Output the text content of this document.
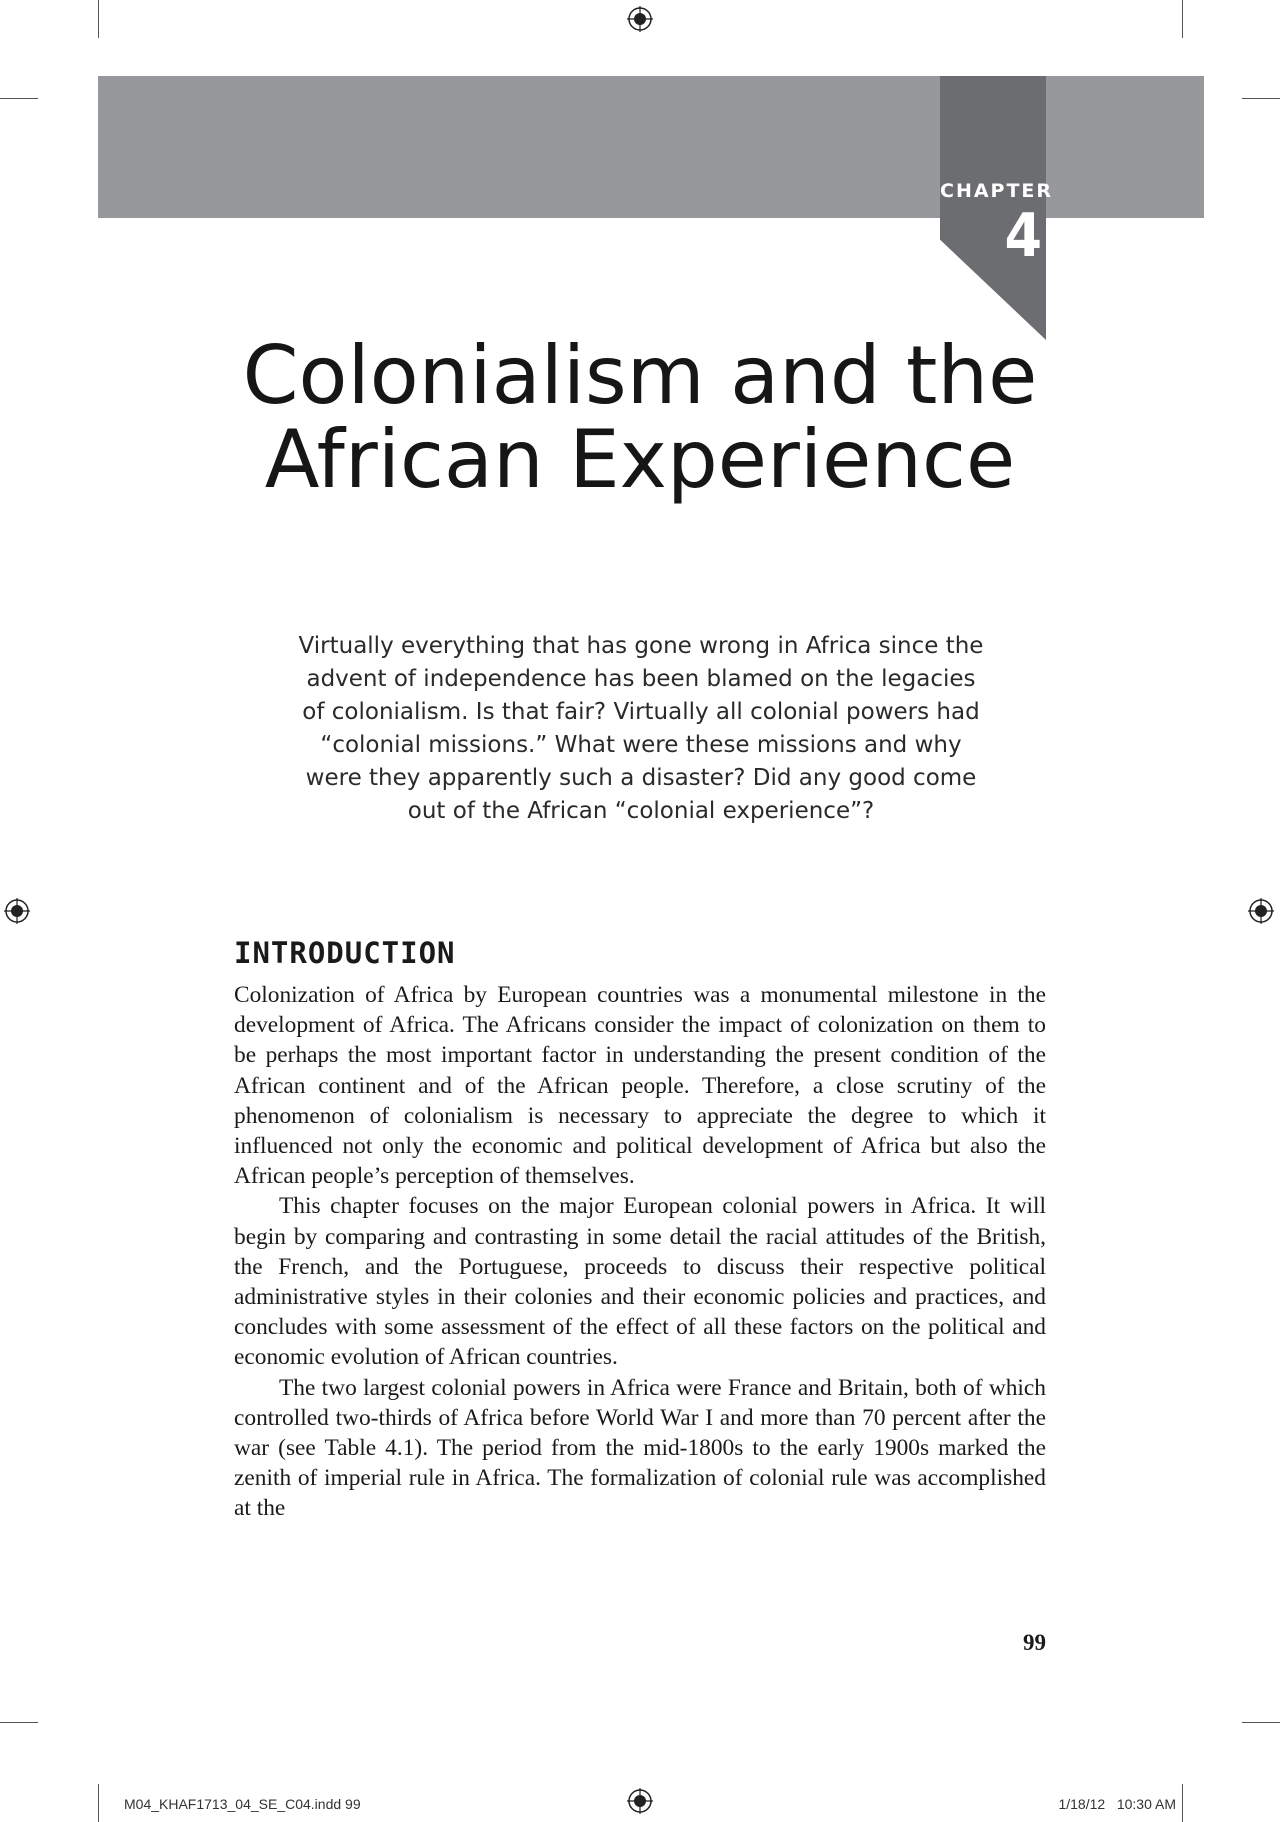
CHAPTER
4
Colonialism and the
African Experience
Virtually everything that has gone wrong in Africa since the advent of independence has been blamed on the legacies of colonialism. Is that fair? Virtually all colonial powers had “colonial missions.” What were these missions and why were they apparently such a disaster? Did any good come out of the African “colonial experience”?
INTRODUCTION

Colonization of Africa by European countries was a monumental milestone in the development of Africa. The Africans consider the impact of colonization on them to be perhaps the most important factor in understanding the present condition of the African continent and of the African people. Therefore, a close scrutiny of the phenomenon of colonialism is necessary to appreciate the degree to which it influenced not only the economic and political development of Africa but also the African people’s perception of themselves.

This chapter focuses on the major European colonial powers in Africa. It will begin by comparing and contrasting in some detail the racial attitudes of the British, the French, and the Portuguese, proceeds to discuss their respective political administrative styles in their colonies and their economic policies and practices, and concludes with some assessment of the effect of all these factors on the political and economic evolution of African countries.

The two largest colonial powers in Africa were France and Britain, both of which controlled two-thirds of Africa before World War I and more than 70 percent after the war (see Table 4.1). The period from the mid-1800s to the early 1900s marked the zenith of imperial rule in Africa. The formalization of colonial rule was accomplished at the

99
M04_KHAF1713_04_SE_C04.indd 99	1/18/12   10:30 AM
